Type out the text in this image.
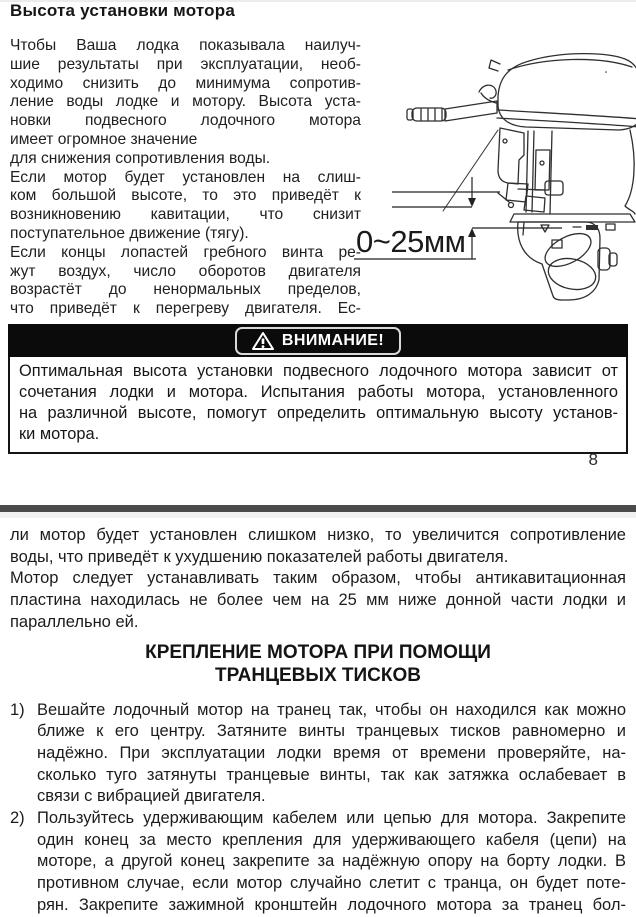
Высота установки мотора
Чтобы Ваша лодка показывала наилуч-
шие результаты при эксплуатации, необ-
ходимо снизить до минимума сопротив-
ление воды лодке и мотору. Высота уста-
новки подвесного лодочного мотора
имеет огромное значение
для снижения сопротивления воды.
Если мотор будет установлен на слиш-
ком большой высоте, то это приведёт к
возникновению кавитации, что снизит
поступательное движение (тягу).
Если концы лопастей гребного винта ре-
жут воздух, число оборотов двигателя
возрастёт до ненормальных пределов,
что приведёт к перегреву двигателя. Ес-
0~25мм
ВНИМАНИЕ!
Оптимальная высота установки подвесного лодочного мотора зависит от
сочетания лодки и мотора. Испытания работы мотора, установленного
на различной высоте, помогут определить оптимальную высоту установ-
ки мотора.
8
ли мотор будет установлен слишком низко, то увеличится сопротивление
воды, что приведёт к ухудшению показателей работы двигателя.
Мотор следует устанавливать таким образом, чтобы антикавитационная
пластина находилась не более чем на 25 мм ниже донной части лодки и
параллельно ей.
КРЕПЛЕНИЕ МОТОРА ПРИ ПОМОЩИ
ТРАНЦЕВЫХ ТИСКОВ
1) Вешайте лодочный мотор на транец так, чтобы он находился как можно
ближе к его центру. Затяните винты транцевых тисков равномерно и
надёжно. При эксплуатации лодки время от времени проверяйте, на-
сколько туго затянуты транцевые винты, так как затяжка ослабевает в
связи с вибрацией двигателя.
2) Пользуйтесь удерживающим кабелем или цепью для мотора. Закрепите
один конец за место крепления для удерживающего кабеля (цепи) на
моторе, а другой конец закрепите за надёжную опору на борту лодки. В
противном случае, если мотор случайно слетит с транца, он будет поте-
рян. Закрепите зажимной кронштейн лодочного мотора за транец бол-
